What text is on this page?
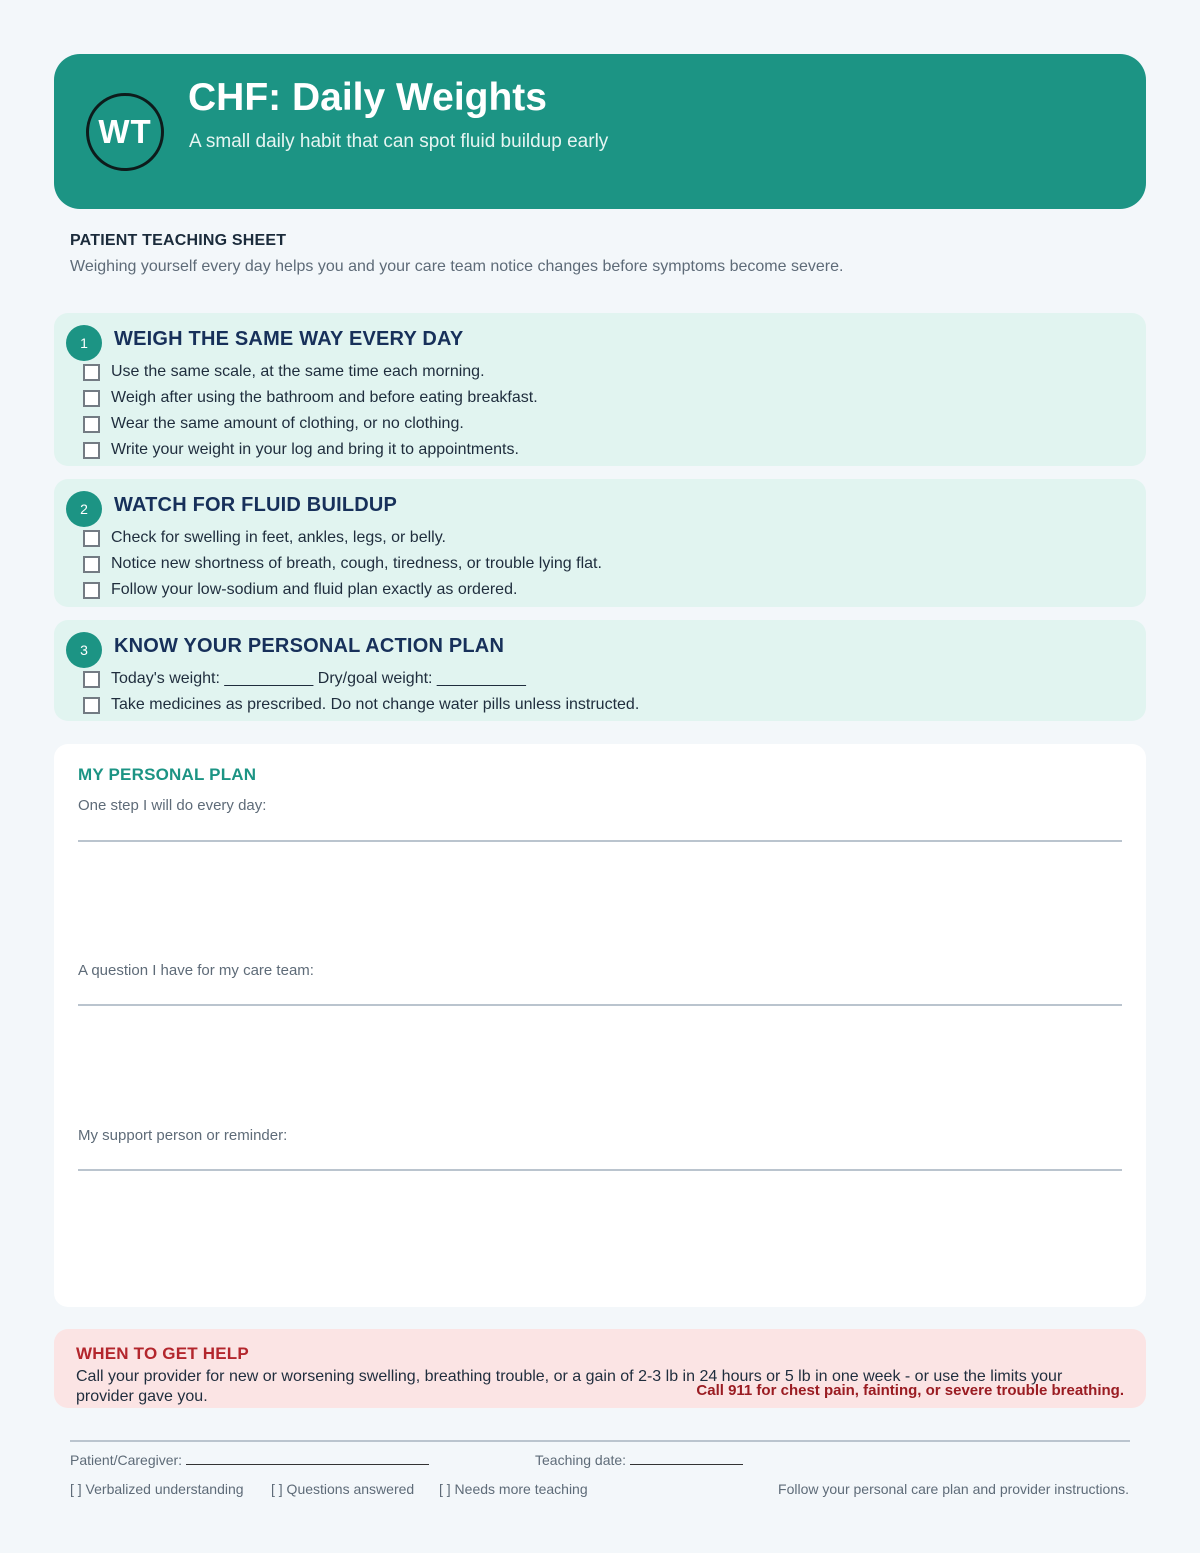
WT
CHF: Daily Weights
A small daily habit that can spot fluid buildup early
PATIENT TEACHING SHEET
Weighing yourself every day helps you and your care team notice changes before symptoms become severe.
1	WEIGH THE SAME WAY EVERY DAY
Use the same scale, at the same time each morning.
Weigh after using the bathroom and before eating breakfast.
Wear the same amount of clothing, or no clothing.
Write your weight in your log and bring it to appointments.
2	WATCH FOR FLUID BUILDUP
Check for swelling in feet, ankles, legs, or belly.
Notice new shortness of breath, cough, tiredness, or trouble lying flat.
Follow your low-sodium and fluid plan exactly as ordered.
3	KNOW YOUR PERSONAL ACTION PLAN
Today's weight: __________ Dry/goal weight: __________
Take medicines as prescribed. Do not change water pills unless instructed.
MY PERSONAL PLAN
One step I will do every day:
A question I have for my care team:
My support person or reminder:
WHEN TO GET HELP
Call your provider for new or worsening swelling, breathing trouble, or a gain of 2-3 lb in 24 hours or 5 lb in one week - or use the limits your provider gave you.	Call 911 for chest pain, fainting, or severe trouble breathing.
Patient/Caregiver:	Teaching date:
[ ] Verbalized understanding [ ] Questions answered [ ] Needs more teaching	Follow your personal care plan and provider instructions.
